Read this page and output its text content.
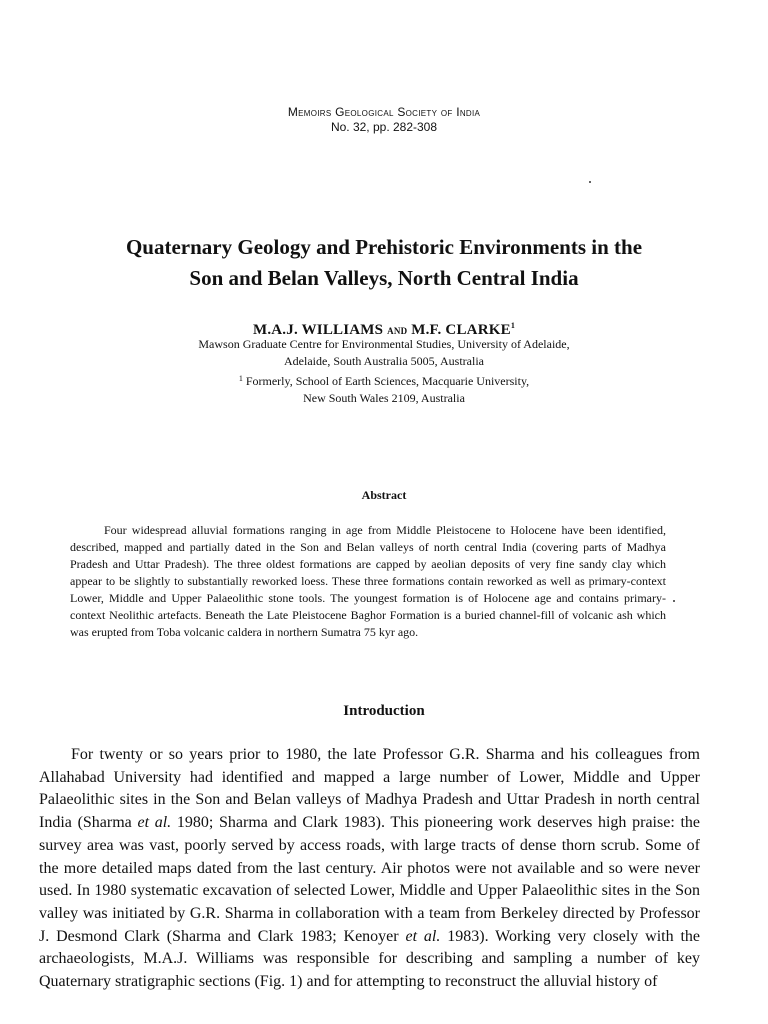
Memoirs Geological Society of India
No. 32, pp. 282-308
Quaternary Geology and Prehistoric Environments in the
Son and Belan Valleys, North Central India
M.A.J. WILLIAMS and M.F. CLARKE$^1$
Mawson Graduate Centre for Environmental Studies, University of Adelaide,
Adelaide, South Australia 5005, Australia
$^1$ Formerly, School of Earth Sciences, Macquarie University,
New South Wales 2109, Australia
Abstract
Four widespread alluvial formations ranging in age from Middle Pleistocene to Holocene have been identified, described, mapped and partially dated in the Son and Belan valleys of north central India (covering parts of Madhya Pradesh and Uttar Pradesh). The three oldest formations are capped by aeolian deposits of very fine sandy clay which appear to be slightly to substantially reworked loess. These three formations contain reworked as well as primary-context Lower, Middle and Upper Palaeolithic stone tools. The youngest formation is of Holocene age and contains primary-context Neolithic artefacts. Beneath the Late Pleistocene Baghor Formation is a buried channel-fill of volcanic ash which was erupted from Toba volcanic caldera in northern Sumatra 75 kyr ago.
Introduction
For twenty or so years prior to 1980, the late Professor G.R. Sharma and his colleagues from Allahabad University had identified and mapped a large number of Lower, Middle and Upper Palaeolithic sites in the Son and Belan valleys of Madhya Pradesh and Uttar Pradesh in north central India (Sharma et al. 1980; Sharma and Clark 1983). This pioneering work deserves high praise: the survey area was vast, poorly served by access roads, with large tracts of dense thorn scrub. Some of the more detailed maps dated from the last century. Air photos were not available and so were never used. In 1980 systematic excavation of selected Lower, Middle and Upper Palaeolithic sites in the Son valley was initiated by G.R. Sharma in collaboration with a team from Berkeley directed by Professor J. Desmond Clark (Sharma and Clark 1983; Kenoyer et al. 1983). Working very closely with the archaeologists, M.A.J. Williams was responsible for describing and sampling a number of key Quaternary stratigraphic sections (Fig. 1) and for attempting to reconstruct the alluvial history of
